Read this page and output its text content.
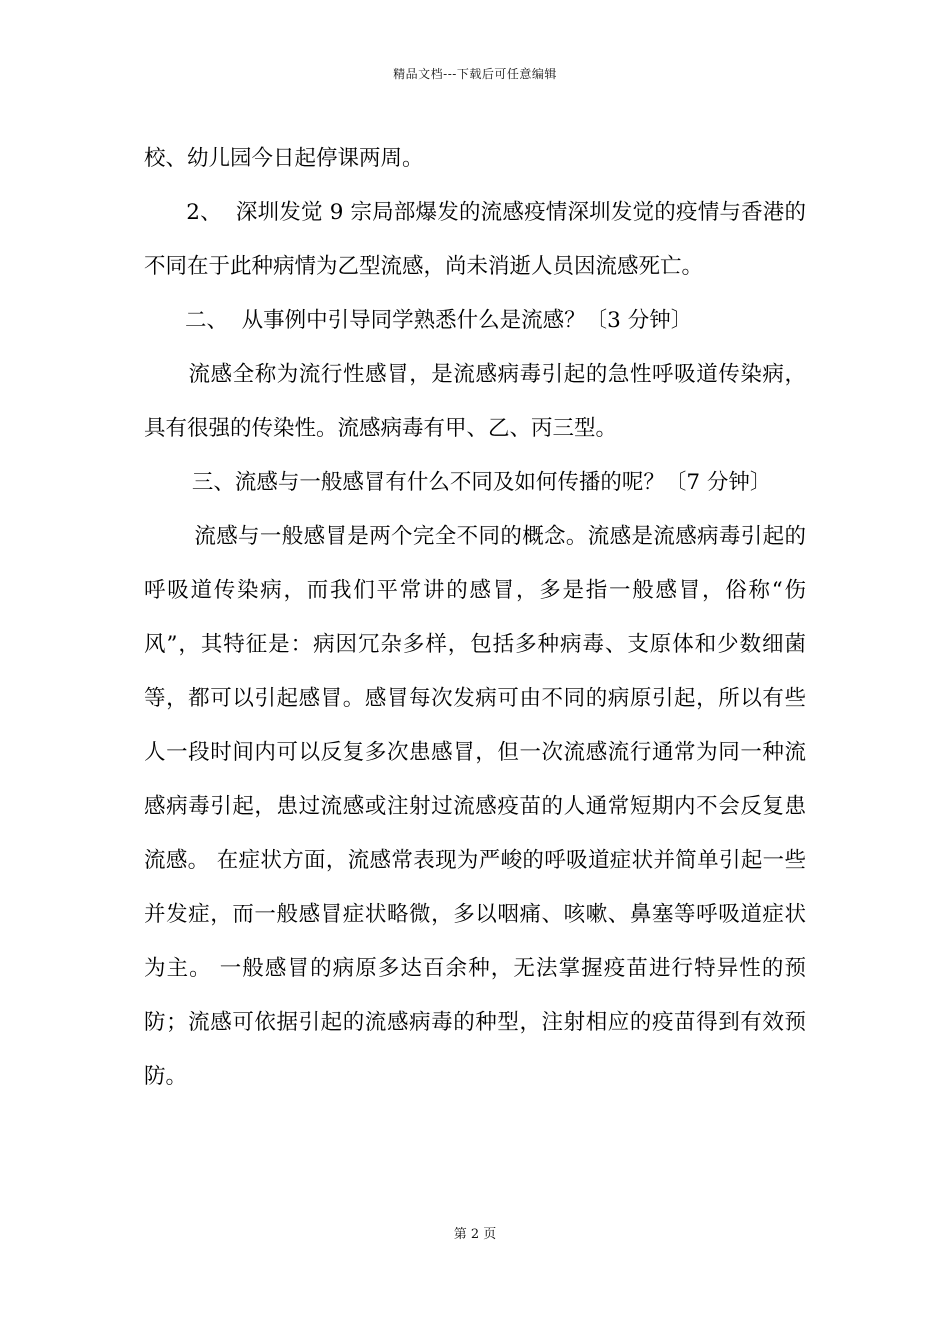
精品文档---下载后可任意编辑

校、幼儿园今日起停课两周。

2、  深圳发觉 9 宗局部爆发的流感疫情深圳发觉的疫情与香港的不同在于此种病情为乙型流感，尚未消逝人员因流感死亡。

二、  从事例中引导同学熟悉什么是流感？〔3 分钟〕

流感全称为流行性感冒，是流感病毒引起的急性呼吸道传染病，具有很强的传染性。流感病毒有甲、乙、丙三型。

三、流感与一般感冒有什么不同及如何传播的呢？〔7 分钟〕

流感与一般感冒是两个完全不同的概念。流感是流感病毒引起的呼吸道传染病，而我们平常讲的感冒，多是指一般感冒，俗称“伤风”，其特征是：病因冗杂多样，包括多种病毒、支原体和少数细菌等，都可以引起感冒。感冒每次发病可由不同的病原引起，所以有些人一段时间内可以反复多次患感冒，但一次流感流行通常为同一种流感病毒引起，患过流感或注射过流感疫苗的人通常短期内不会反复患流感。 在症状方面，流感常表现为严峻的呼吸道症状并简单引起一些并发症，而一般感冒症状略微，多以咽痛、咳嗽、鼻塞等呼吸道症状为主。 一般感冒的病原多达百余种，无法掌握疫苗进行特异性的预防；流感可依据引起的流感病毒的种型，注射相应的疫苗得到有效预防。

第 2 页
